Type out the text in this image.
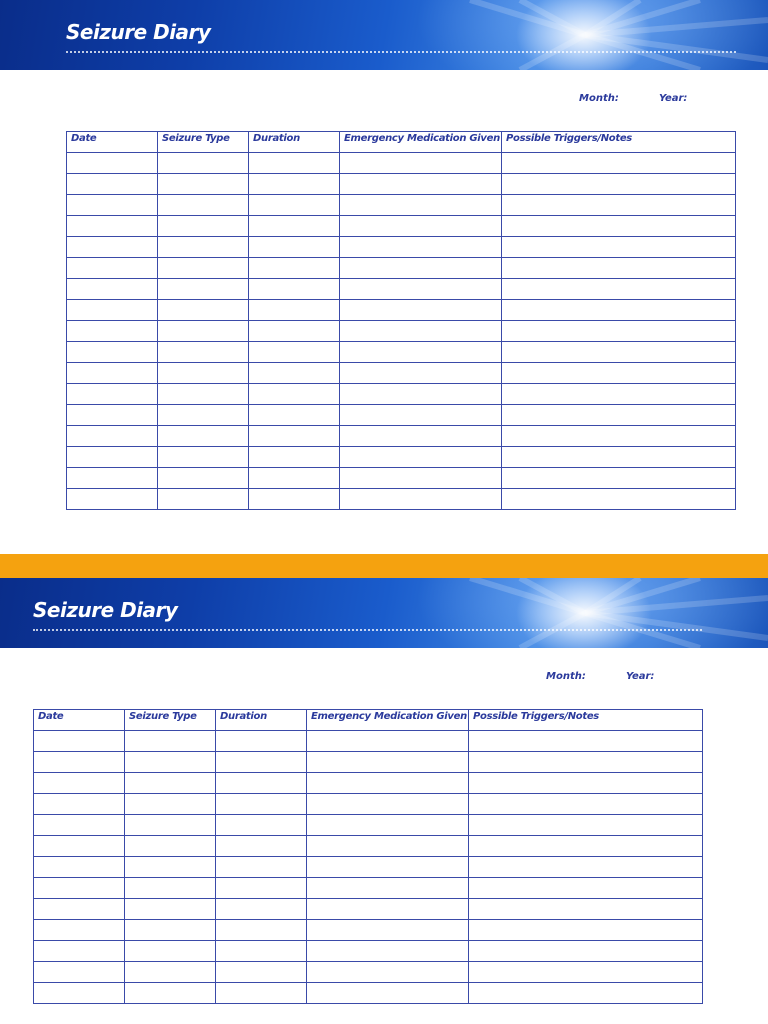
Seizure Diary
Month:	Year:
Date	Seizure Type	Duration	Emergency Medication Given	Possible Triggers/Notes

Seizure Diary
Month:	Year:
Date	Seizure Type	Duration	Emergency Medication Given	Possible Triggers/Notes
